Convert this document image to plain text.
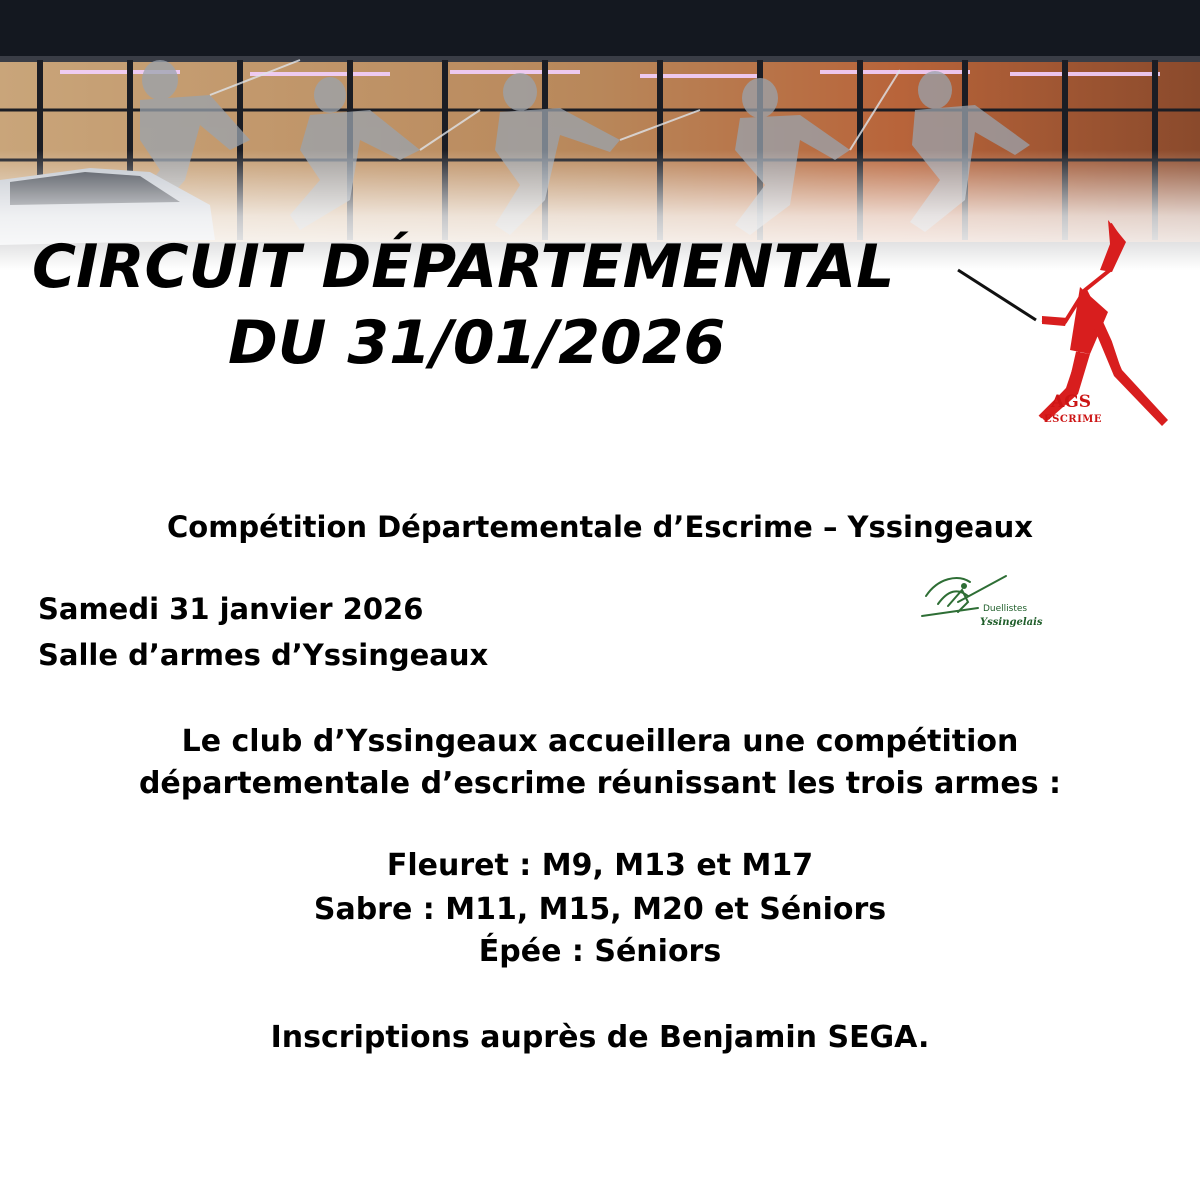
CIRCUIT DÉPARTEMENTAL
DU 31/01/2026
AGS
ESCRIME

Compétition Départementale d’Escrime – Yssingeaux

Samedi 31 janvier 2026

Salle d’armes d’Yssingeaux

Duellistes
Yssingelais

Le club d’Yssingeaux accueillera une compétition

départementale d’escrime réunissant les trois armes :

Fleuret : M9, M13 et M17

Sabre : M11, M15, M20 et Séniors

Épée : Séniors

Inscriptions auprès de Benjamin SEGA.
